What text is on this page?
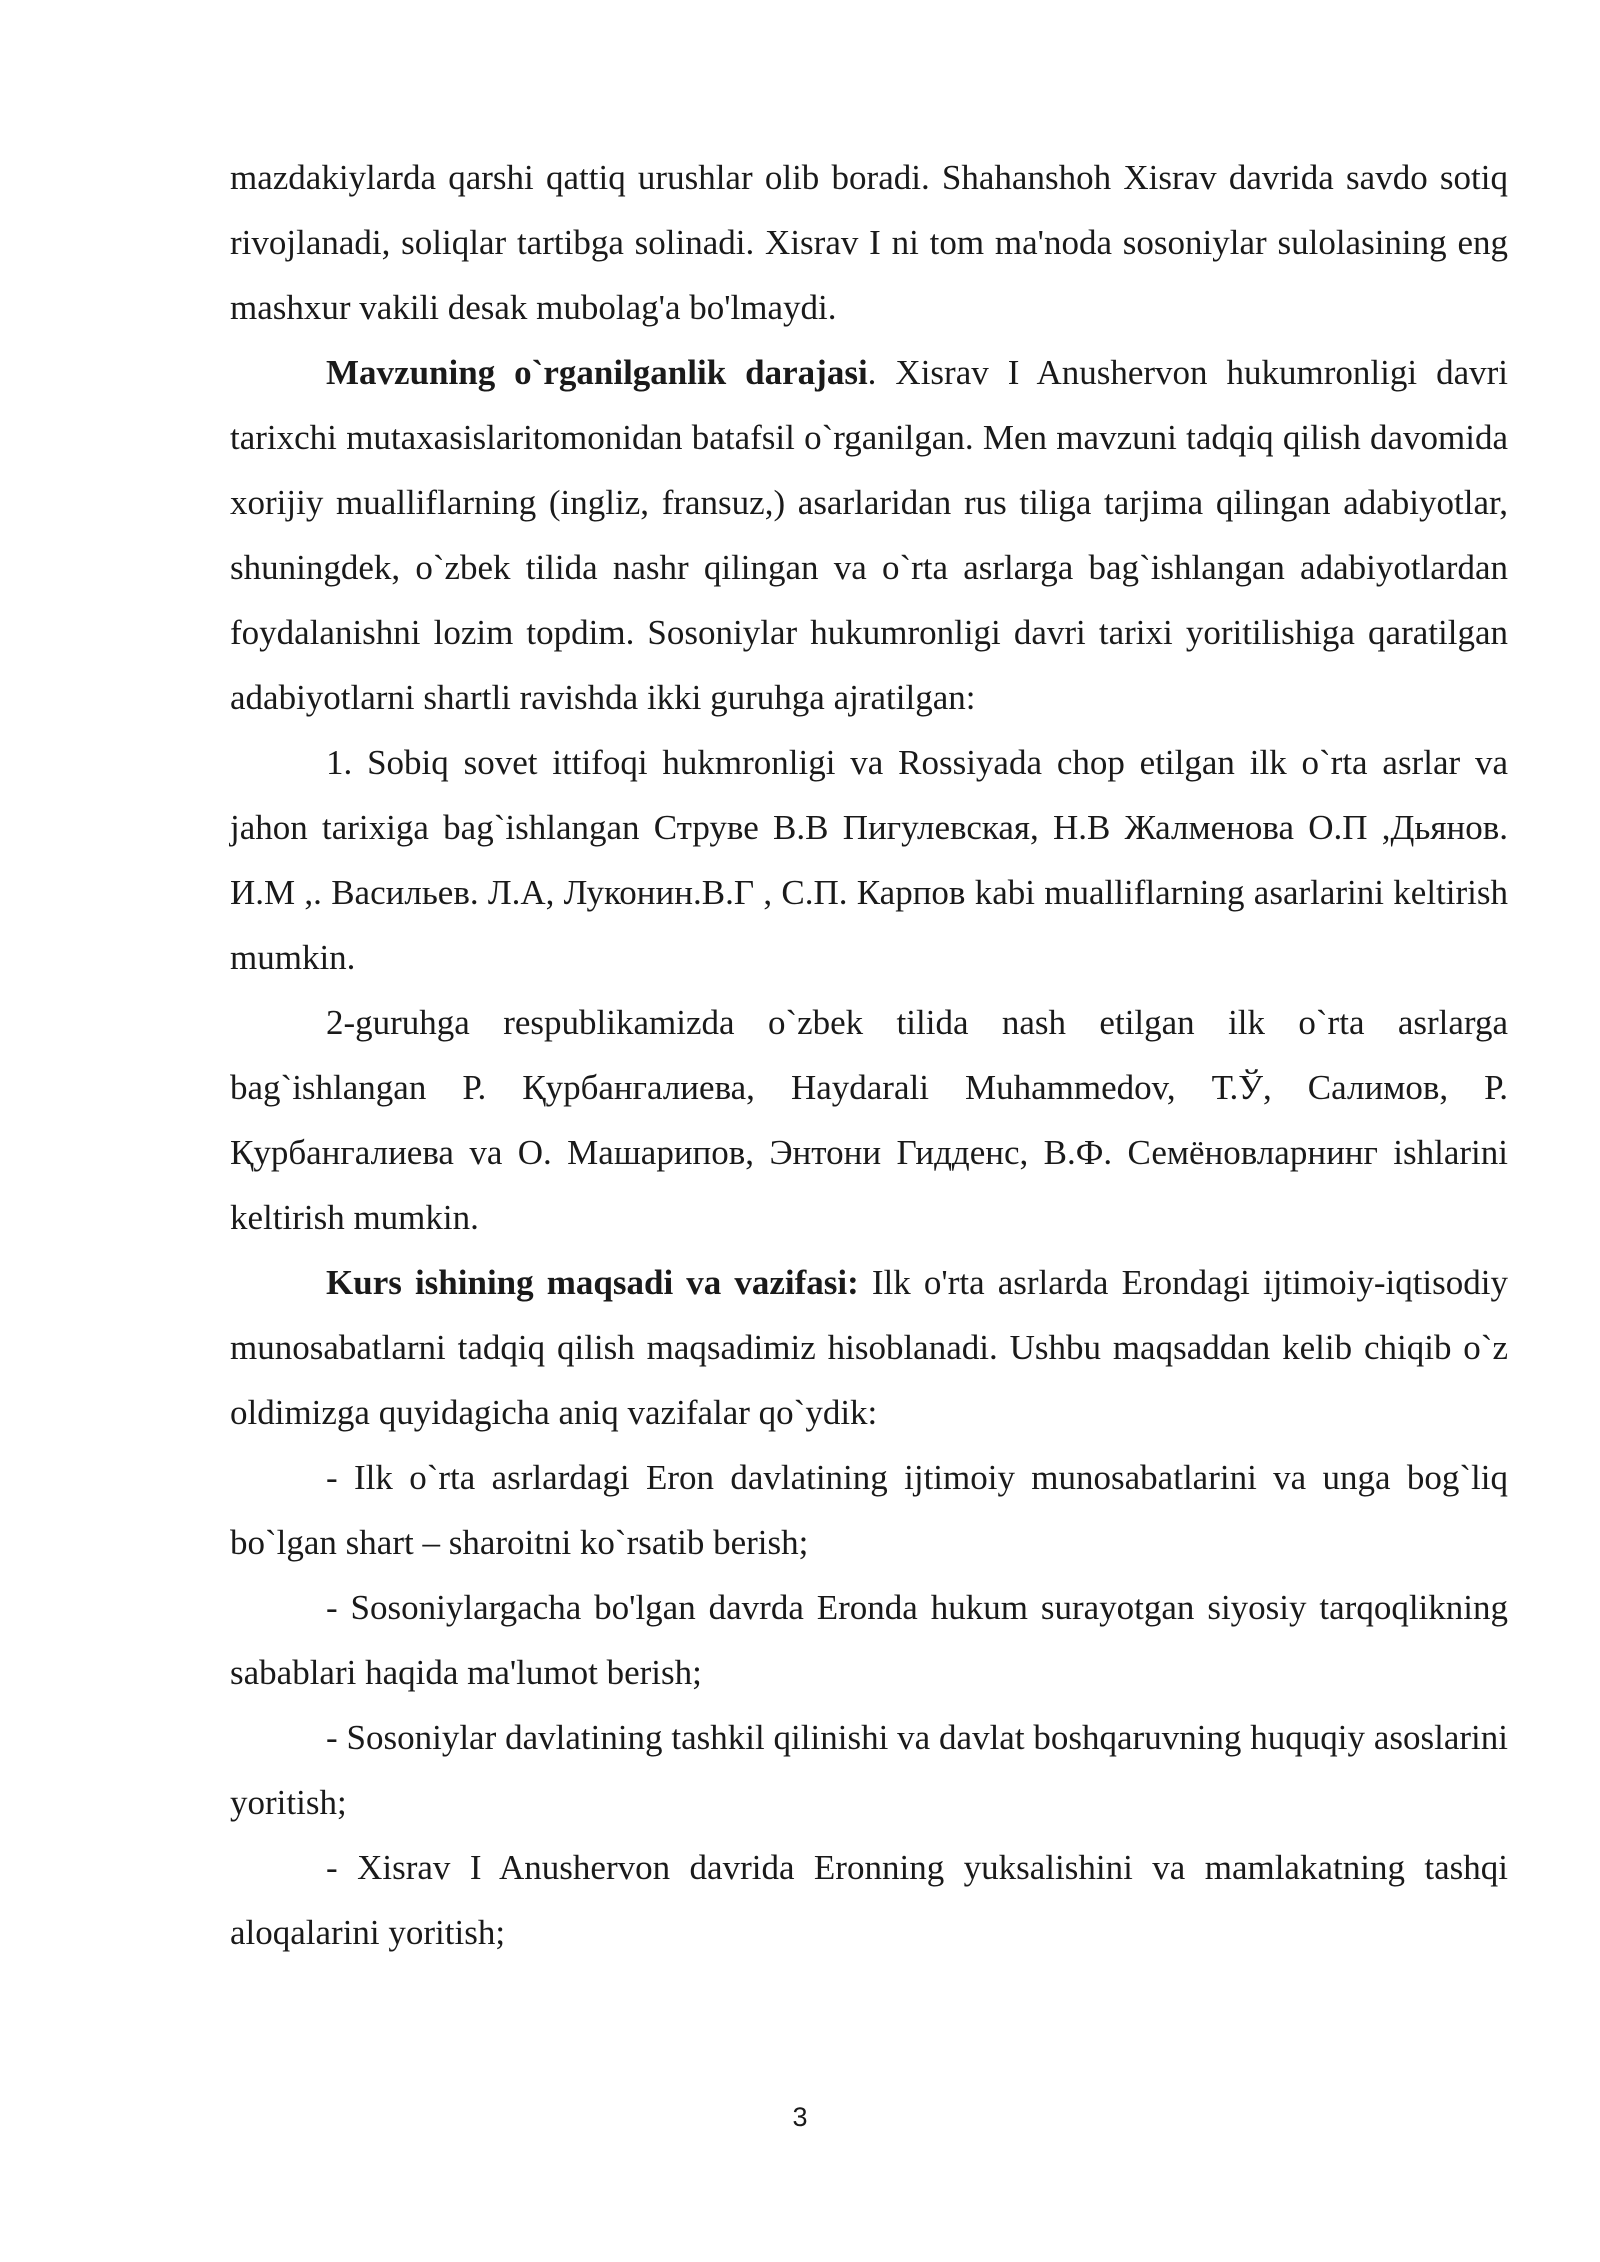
mazdakiylarda qarshi qattiq urushlar olib boradi. Shahanshoh Xisrav davrida savdo sotiq rivojlanadi, soliqlar tartibga solinadi. Xisrav I ni tom ma'noda sosoniylar sulolasining eng mashxur vakili desak mubolag'a bo'lmaydi.

Mavzuning o`rganilganlik darajasi. Xisrav I Anushervon hukumronligi davri tarixchi mutaxasislaritomonidan batafsil o`rganilgan. Men mavzuni tadqiq qilish davomida xorijiy mualliflarning (ingliz, fransuz,) asarlaridan rus tiliga tarjima qilingan adabiyotlar, shuningdek, o`zbek tilida nashr qilingan va o`rta asrlarga bag`ishlangan adabiyotlardan foydalanishni lozim topdim. Sosoniylar hukumronligi davri tarixi yoritilishiga qaratilgan adabiyotlarni shartli ravishda ikki guruhga ajratilgan:

1. Sobiq sovet ittifoqi hukmronligi va Rossiyada chop etilgan ilk o`rta asrlar va jahon tarixiga bag`ishlangan Струве В.В Пигулевская, Н.В Жалменова О.П ,Дьянов. И.М ,. Васильев. Л.А, Луконин.В.Г , С.П. Карпов kabi mualliflarning asarlarini keltirish mumkin.

2-guruhga respublikamizda o`zbek tilida nash etilgan ilk o`rta asrlarga bag`ishlangan Р. Қурбангалиева, Haydarali Muhammedov, Т.Ў, Салимов, Р. Қурбангалиева va О. Машарипов, Энтони Гидденс, В.Ф. Семёновларнинг ishlarini keltirish mumkin.

Kurs ishining maqsadi va vazifasi: Ilk o'rta asrlarda Erondagi ijtimoiy-iqtisodiy munosabatlarni tadqiq qilish maqsadimiz hisoblanadi. Ushbu maqsaddan kelib chiqib o`z oldimizga quyidagicha aniq vazifalar qo`ydik:

- Ilk o`rta asrlardagi Eron davlatining ijtimoiy munosabatlarini va unga bog`liq bo`lgan shart – sharoitni ko`rsatib berish;

- Sosoniylargacha bo'lgan davrda Eronda hukum surayotgan siyosiy tarqoqlikning sabablari haqida ma'lumot berish;

- Sosoniylar davlatining tashkil qilinishi va davlat boshqaruvning huquqiy asoslarini yoritish;

- Xisrav I Anushervon davrida Eronning yuksalishini va mamlakatning tashqi aloqalarini yoritish;

3
